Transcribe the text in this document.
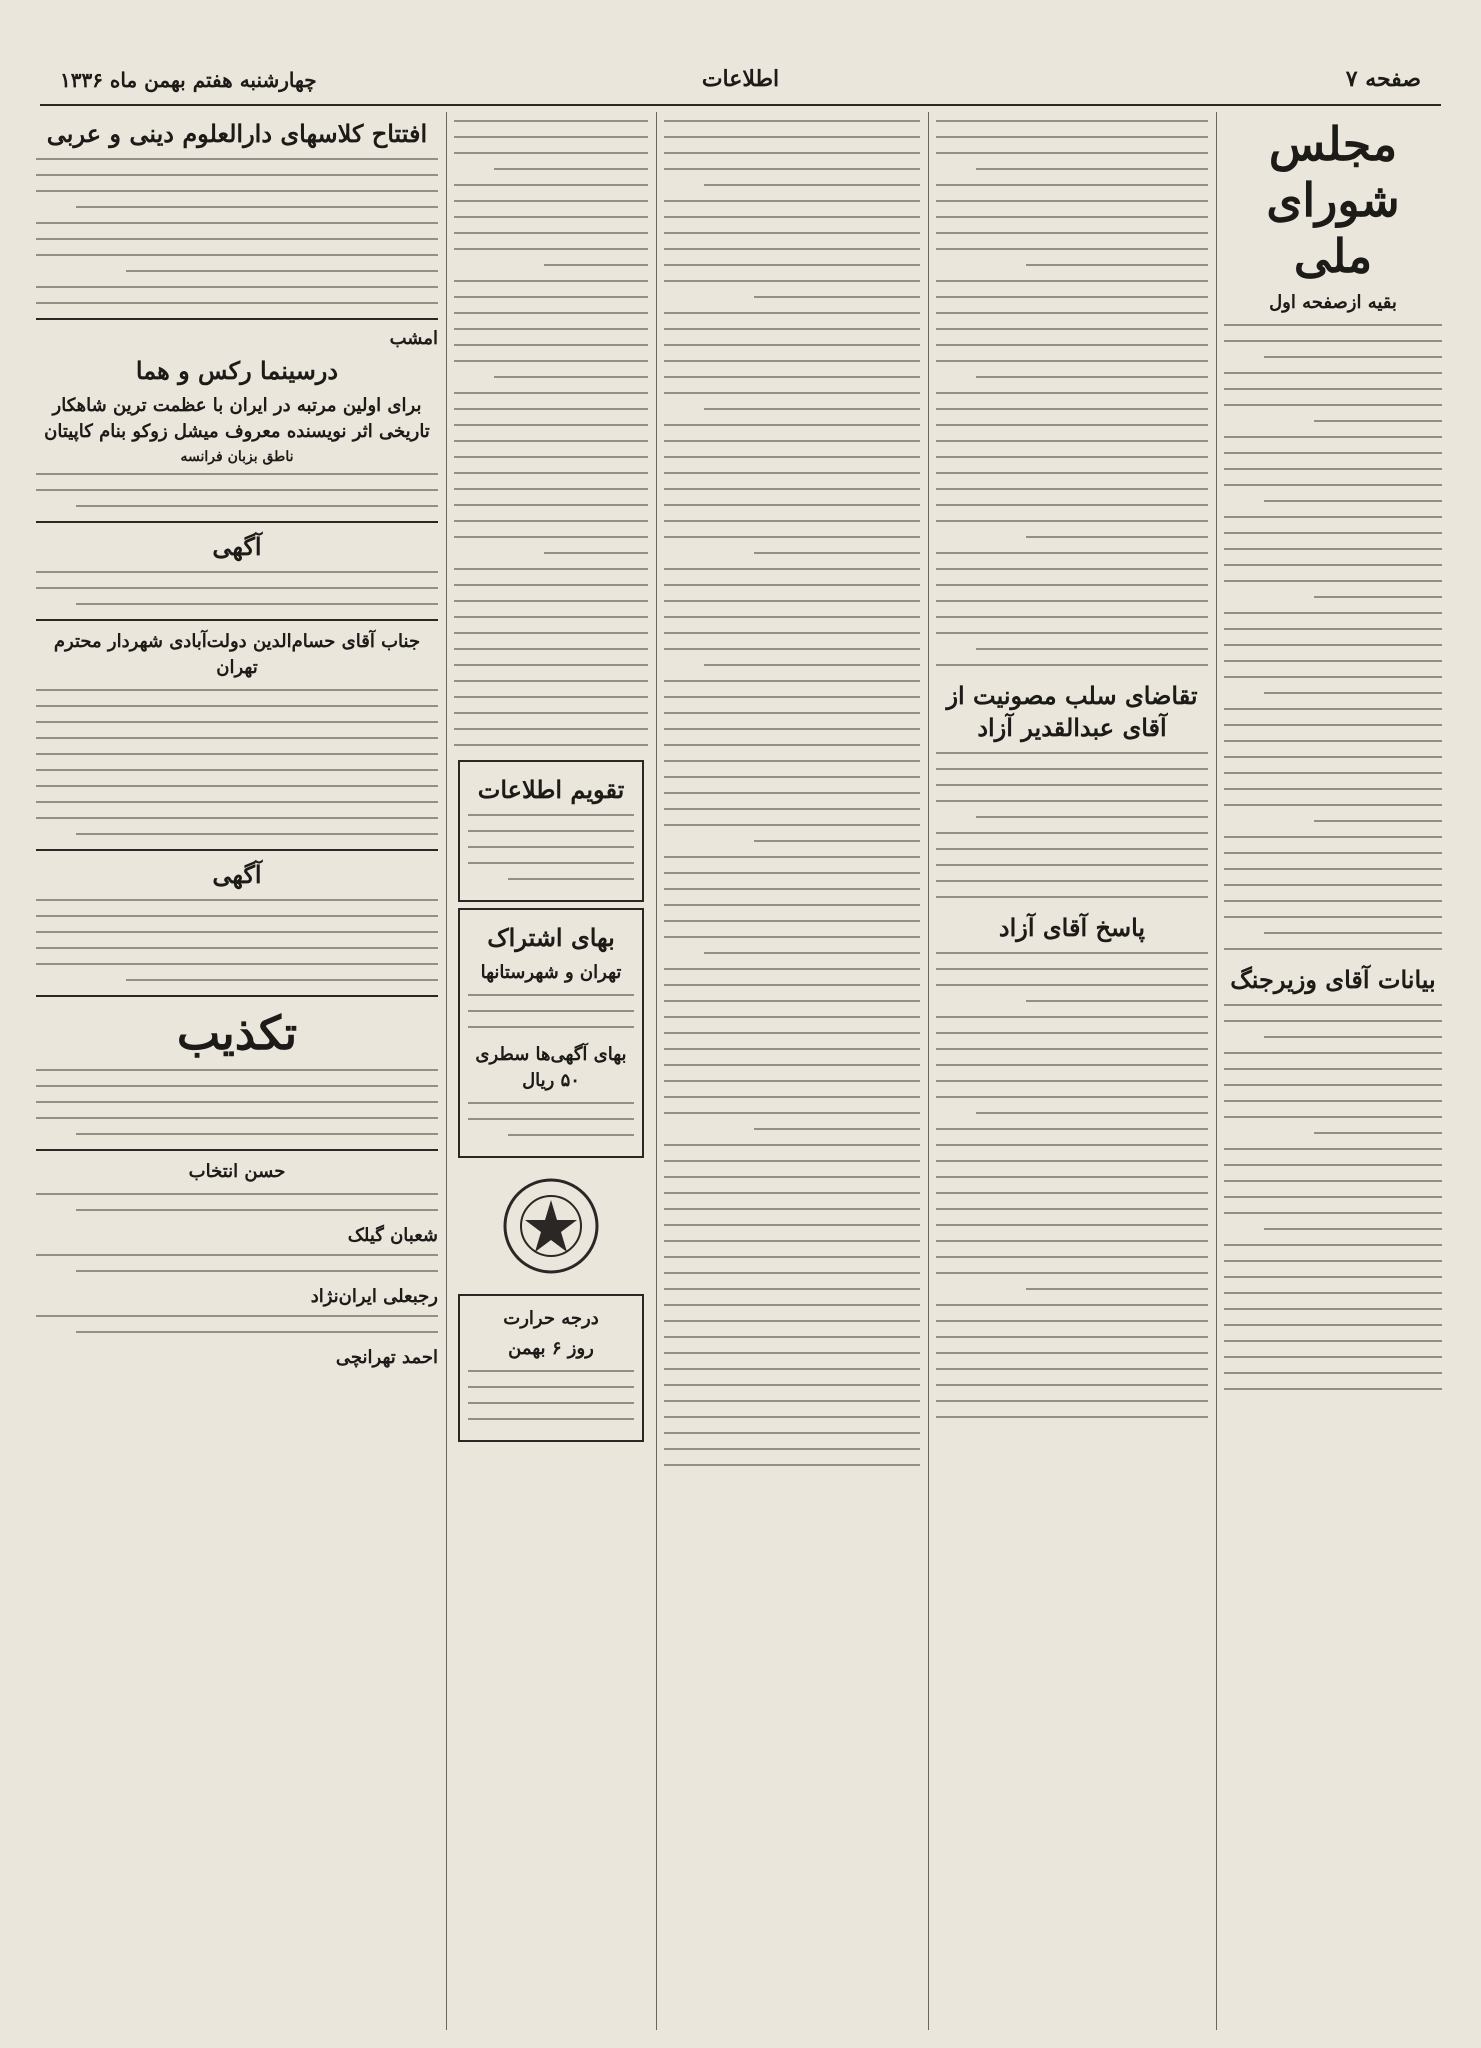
صفحه ۷
اطلاعات
چهارشنبه هفتم بهمن ماه ۱۳۳۶
مجلس شورای ملی
بقیه ازصفحه اول
بیانات آقای وزیرجنگ
تقاضای سلب مصونیت از آقای عبدالقدیر آزاد
پاسخ آقای آزاد
تقویم اطلاعات
بهای اشتراک
تهران و شهرستانها
بهای آگهی‌ها سطری ۵۰ ریال
درجه حرارت
روز ۶ بهمن
افتتاح کلاسهای دارالعلوم دینی و عربی
امشب
درسینما رکس و هما
برای اولین مرتبه در ایران با عظمت ترین شاهکار تاریخی اثر نویسنده معروف میشل زوکو بنام کاپیتان
ناطق بزبان فرانسه
آگهی
جناب آقای حسام‌الدین دولت‌آبادی شهردار محترم تهران
آگهی
تکذیب
حسن انتخاب
شعبان گیلک
رجبعلی ایران‌نژاد
احمد تهرانچی
